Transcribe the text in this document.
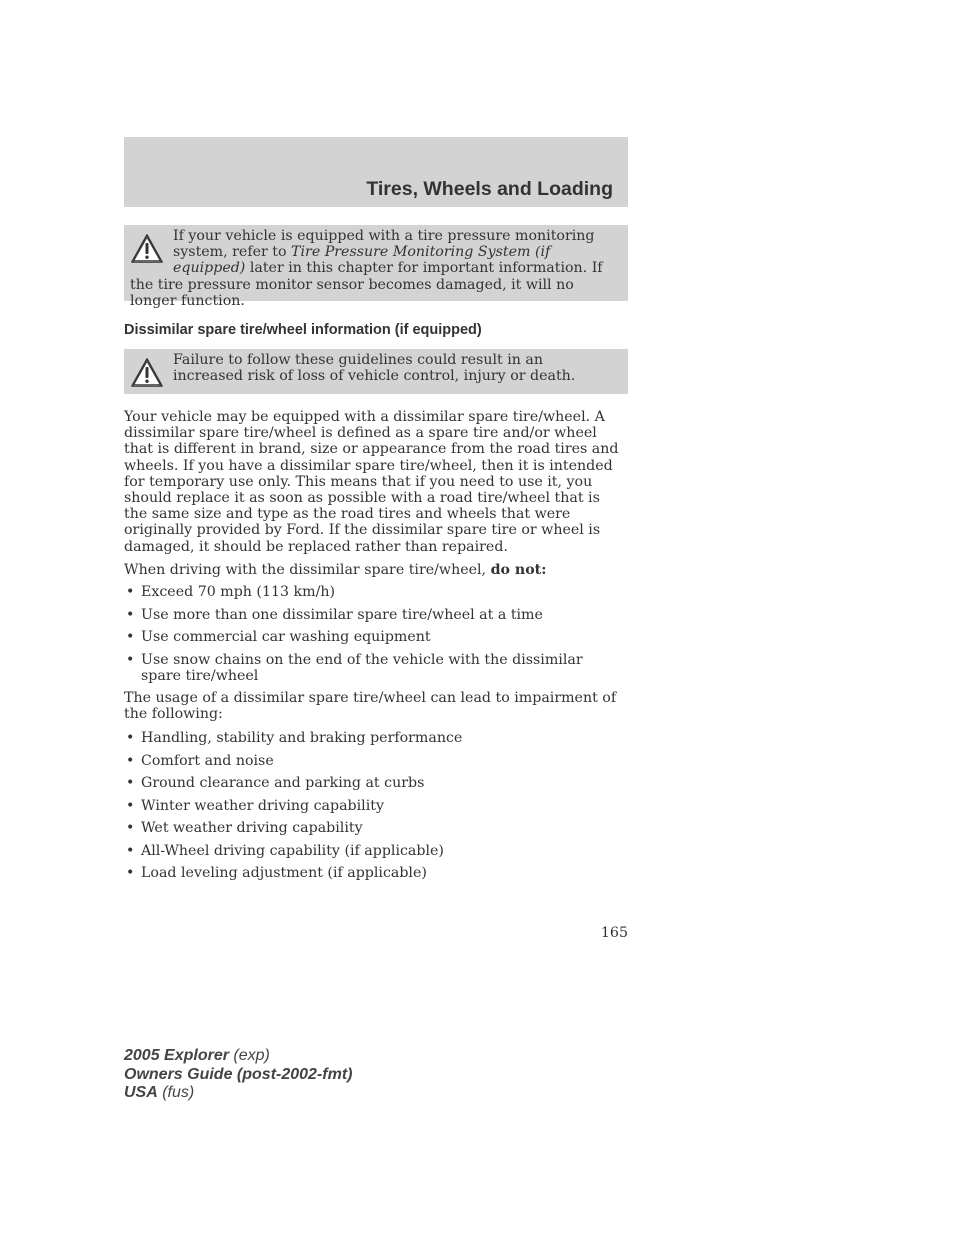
Tires, Wheels and Loading

If your vehicle is equipped with a tire pressure monitoring system, refer to Tire Pressure Monitoring System (if equipped) later in this chapter for important information. If the tire pressure monitor sensor becomes damaged, it will no longer function.

Dissimilar spare tire/wheel information (if equipped)

Failure to follow these guidelines could result in an increased risk of loss of vehicle control, injury or death.

Your vehicle may be equipped with a dissimilar spare tire/wheel. A dissimilar spare tire/wheel is defined as a spare tire and/or wheel that is different in brand, size or appearance from the road tires and wheels. If you have a dissimilar spare tire/wheel, then it is intended for temporary use only. This means that if you need to use it, you should replace it as soon as possible with a road tire/wheel that is the same size and type as the road tires and wheels that were originally provided by Ford. If the dissimilar spare tire or wheel is damaged, it should be replaced rather than repaired.

When driving with the dissimilar spare tire/wheel, do not:

• Exceed 70 mph (113 km/h)
• Use more than one dissimilar spare tire/wheel at a time
• Use commercial car washing equipment
• Use snow chains on the end of the vehicle with the dissimilar spare tire/wheel

The usage of a dissimilar spare tire/wheel can lead to impairment of the following:

• Handling, stability and braking performance
• Comfort and noise
• Ground clearance and parking at curbs
• Winter weather driving capability
• Wet weather driving capability
• All-Wheel driving capability (if applicable)
• Load leveling adjustment (if applicable)
165
2005 Explorer (exp)
Owners Guide (post-2002-fmt)
USA (fus)
